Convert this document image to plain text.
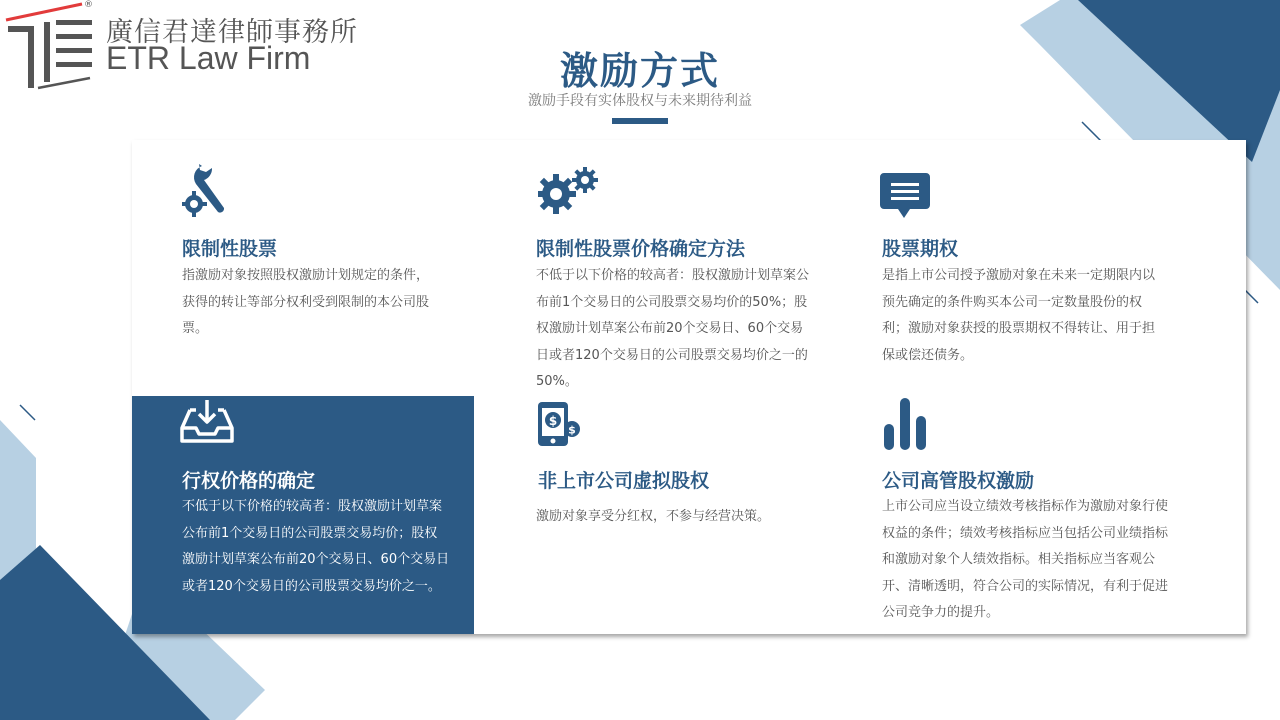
®
廣信君達律師事務所
ETR Law Firm	激励方式
激励手段有实体股权与未来期待利益
限制性股票
指激励对象按照股权激励计划规定的条件，获得的转让等部分权利受到限制的本公司股票。
限制性股票价格确定方法
不低于以下价格的较高者：股权激励计划草案公布前1个交易日的公司股票交易均价的50%；股权激励计划草案公布前20个交易日、60个交易日或者120个交易日的公司股票交易均价之一的50%。
股票期权
是指上市公司授予激励对象在未来一定期限内以预先确定的条件购买本公司一定数量股份的权利；激励对象获授的股票期权不得转让、用于担保或偿还债务。
行权价格的确定
不低于以下价格的较高者：股权激励计划草案公布前1个交易日的公司股票交易均价；股权激励计划草案公布前20个交易日、60个交易日或者120个交易日的公司股票交易均价之一。
$
$
非上市公司虚拟股权
激励对象享受分红权，不参与经营决策。
公司高管股权激励
上市公司应当设立绩效考核指标作为激励对象行使权益的条件；绩效考核指标应当包括公司业绩指标和激励对象个人绩效指标。相关指标应当客观公开、清晰透明，符合公司的实际情况，有利于促进公司竞争力的提升。
